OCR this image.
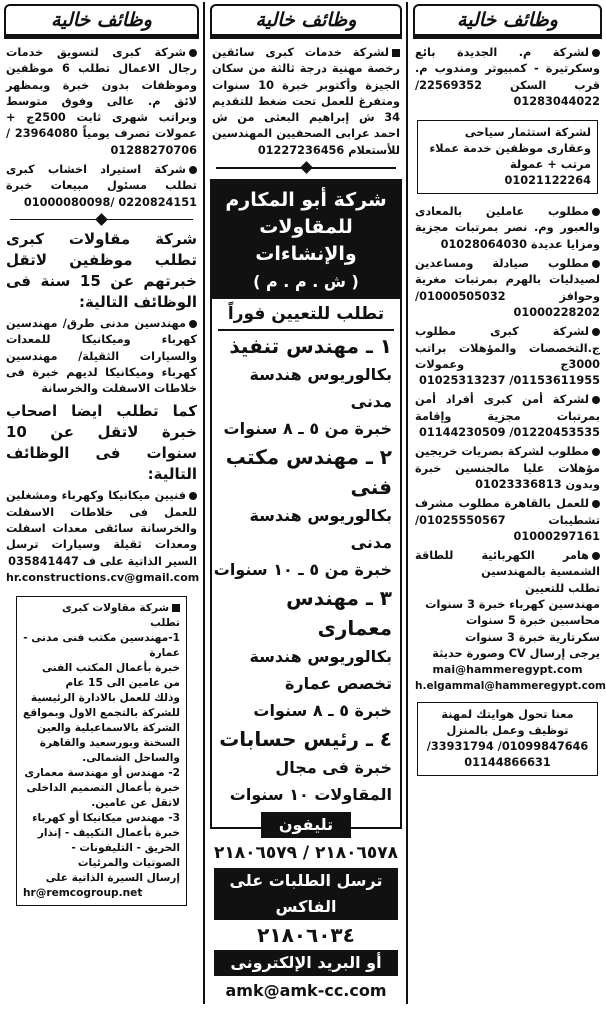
وظائف خالية
لشركة م. الجديدة بائع وسكرتيرة - كمبيوتر ومندوب م. قرب السكن 22569352/ 01283044022
لشركة استثمار سياحى وعقارى موظفين خدمة عملاء مرتب + عمولة 01021122264
مطلوب عاملين بالمعادى والعبور وم. نصر بمرتبات مجزية ومزايا عديدة 01028064030
مطلوب صيادلة ومساعدين لصيدليات بالهرم بمرتبات مغرية وحوافز 01000505032/ 01000228202
لشركة كبرى مطلوب ج.التخصصات والمؤهلات براتب 3000ج وعمولات 01153611955/ 01025313237
لشركة أمن كبرى أفراد أمن بمرتبات مجزية وإقامة 01220453535/ 01144230509
مطلوب لشركة بصريات خريجين مؤهلات عليا مالجنسين خبرة وبدون 01023336813
للعمل بالقاهرة مطلوب مشرف تشطيبات 01025550567/ 01000297161
هامر الكهربائية للطاقة الشمسية بالمهندسين
تطلب للتعيين
مهندسين كهرباء خبرة 3 سنوات
محاسبين خبرة 5 سنوات
سكرتارية خبرة 3 سنوات
يرجى إرسال CV وصورة حديثة
mai@hammeregypt.com
h.elgammal@hammeregypt.com
معنا تحول هوايتك لمهنة توظيف وعمل بالمنزل 01099847646/ 33931794/ 01144866631
وظائف خالية
لشركة خدمات كبرى سائقين رخصة مهنية درجة ثالثة من سكان الجيزة وأكتوبر خبرة 10 سنوات ومتفرغ للعمل تحت ضغط للتقديم 34 ش إبراهيم البعثى من ش احمد عرابى الصحفيين المهندسين للأستعلام 01227236456
شركة أبو المكارم
للمقاولات والإنشاءات
( ش . م . م )
تطلب للتعيين فوراً
١ ـ مهندس تنفيذ
بكالوريوس هندسة مدنى
خبرة من ٥ ـ ٨ سنوات
٢ ـ مهندس مكتب فنى
بكالوريوس هندسة مدنى
خبرة من ٥ ـ ١٠ سنوات
٣ ـ مهندس معمارى
بكالوريوس هندسة
تخصص عمارة
خبرة ٥ ـ ٨ سنوات
٤ ـ رئيس حسابات
خبرة فى مجال
المقاولات ١٠ سنوات
تليفون
٢١٨٠٦٥٧٨ / ٢١٨٠٦٥٧٩
ترسل الطلبات على الفاكس
٢١٨٠٦٠٣٤
أو البريد الإلكترونى
amk@amk-cc.com
وظائف خالية
شركة كبرى لتسويق خدمات رجال الاعمال تطلب 6 موظفين وموظفات بدون خبرة وبمظهر لائق م. عالى وفوق متوسط وبراتب شهرى ثابت 2500ج + عمولات تصرف يومياً 23964080 / 01288270706
شركة استيراد اخشاب كبرى تطلب مسئول مبيعات خبرة 0220824151 /01000080098
شركة مقاولات كبرى تطلب موظفين لاتقل خبرتهم عن 15 سنة فى الوظائف التالية:
مهندسين مدنى طرق/ مهندسين كهرباء وميكانيكا للمعدات والسيارات الثقيلة/ مهندسين كهرباء وميكانيكا لديهم خبرة فى خلاطات الاسفلت والخرسانة
كما تطلب ايضا اصحاب خبرة لاتقل عن 10 سنوات فى الوظائف التالية:
فنيين ميكانيكا وكهرباء ومشغلين للعمل فى خلاطات الاسفلت والخرسانة سائقى معدات اسفلت ومعدات ثقيلة وسيارات ترسل السير الذاتية على ف 035841447
hr.constructions.cv@gmail.com
شركة مقاولات كبرى
تطلب
1-مهندسين مكتب فنى مدنى - عمارة
خبرة بأعمال المكتب الفنى من عامين الى 15 عام
وذلك للعمل بالادارة الرئيسية للشركة بالتجمع الاول وبمواقع الشركة بالاسماعيلية والعين السخنة وبورسعيد والقاهرة والساحل الشمالى.
2- مهندس أو مهندسة معمارى خبرة بأعمال التصميم الداخلى لاتقل عن عامين.
3- مهندس ميكانيكا أو كهرباء خبرة بأعمال التكييف - إنذار الحريق - التليفونات - الصوتيات والمرئيات
إرسال السيرة الذاتية على
hr@remcogroup.net
